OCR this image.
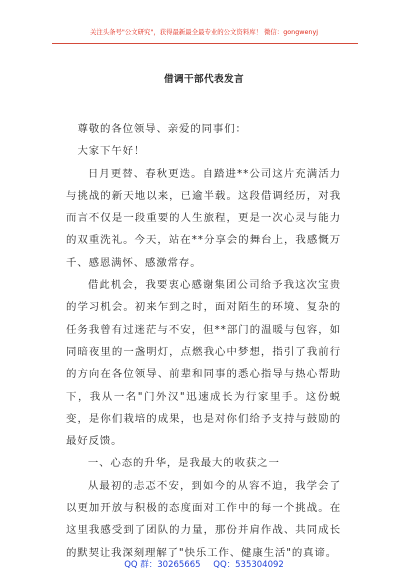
关注头条号"公文研究"，获得最新最全最专业的公文资料库！ 微信：gongwenyj
借调干部代表发言

尊敬的各位领导、亲爱的同事们：

大家下午好！

日月更替、春秋更迭。自踏进**公司这片充满活力与挑战的新天地以来，已逾半载。这段借调经历，对我而言不仅是一段重要的人生旅程，更是一次心灵与能力的双重洗礼。今天，站在**分享会的舞台上，我感慨万千、感恩满怀、感激常存。

借此机会，我要衷心感谢集团公司给予我这次宝贵的学习机会。初来乍到之时，面对陌生的环境、复杂的任务我曾有过迷茫与不安，但**部门的温暖与包容，如同暗夜里的一盏明灯，点燃我心中梦想，指引了我前行的方向在各位领导、前辈和同事的悉心指导与热心帮助下，我从一名"门外汉"迅速成长为行家里手。这份蜕变，是你们栽培的成果，也是对你们给予支持与鼓励的最好反馈。

一、心态的升华，是我最大的收获之一

从最初的忐忑不安，到如今的从容不迫，我学会了以更加开放与积极的态度面对工作中的每一个挑战。在这里我感受到了团队的力量，那份并肩作战、共同成长的默契让我深刻理解了"快乐工作、健康生活"的真谛。

QQ 群：30265665 QQ：535304092
